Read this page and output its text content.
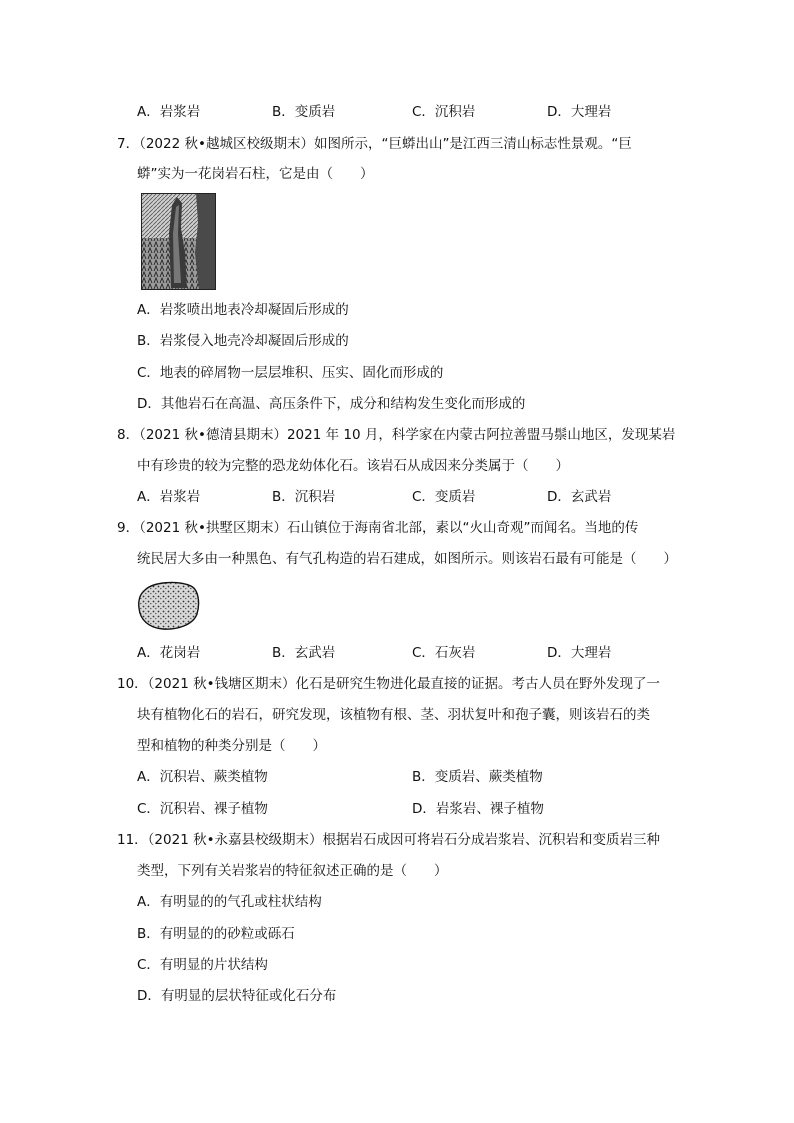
A．岩浆岩	B．变质岩	C．沉积岩	D．大理岩
7．（2022 秋•越城区校级期末）如图所示，“巨蟒出山”是江西三清山标志性景观。“巨
蟒”实为一花岗岩石柱，它是由（　　）
A．岩浆喷出地表冷却凝固后形成的
B．岩浆侵入地壳冷却凝固后形成的
C．地表的碎屑物一层层堆积、压实、固化而形成的
D．其他岩石在高温、高压条件下，成分和结构发生变化而形成的
8．（2021 秋•德清县期末）2021 年 10 月，科学家在内蒙古阿拉善盟马鬃山地区，发现某岩
中有珍贵的较为完整的恐龙幼体化石。该岩石从成因来分类属于（　　）
A．岩浆岩	B．沉积岩	C．变质岩	D．玄武岩
9．（2021 秋•拱墅区期末）石山镇位于海南省北部，素以“火山奇观”而闻名。当地的传
统民居大多由一种黑色、有气孔构造的岩石建成，如图所示。则该岩石最有可能是（　　）
A．花岗岩	B．玄武岩	C．石灰岩	D．大理岩
10．（2021 秋•钱塘区期末）化石是研究生物进化最直接的证据。考古人员在野外发现了一
块有植物化石的岩石，研究发现，该植物有根、茎、羽状复叶和孢子囊，则该岩石的类
型和植物的种类分别是（　　）
A．沉积岩、蕨类植物	B．变质岩、蕨类植物
C．沉积岩、裸子植物	D．岩浆岩、裸子植物
11．（2021 秋•永嘉县校级期末）根据岩石成因可将岩石分成岩浆岩、沉积岩和变质岩三种
类型，下列有关岩浆岩的特征叙述正确的是（　　）
A．有明显的的气孔或柱状结构
B．有明显的的砂粒或砾石
C．有明显的片状结构
D．有明显的层状特征或化石分布
